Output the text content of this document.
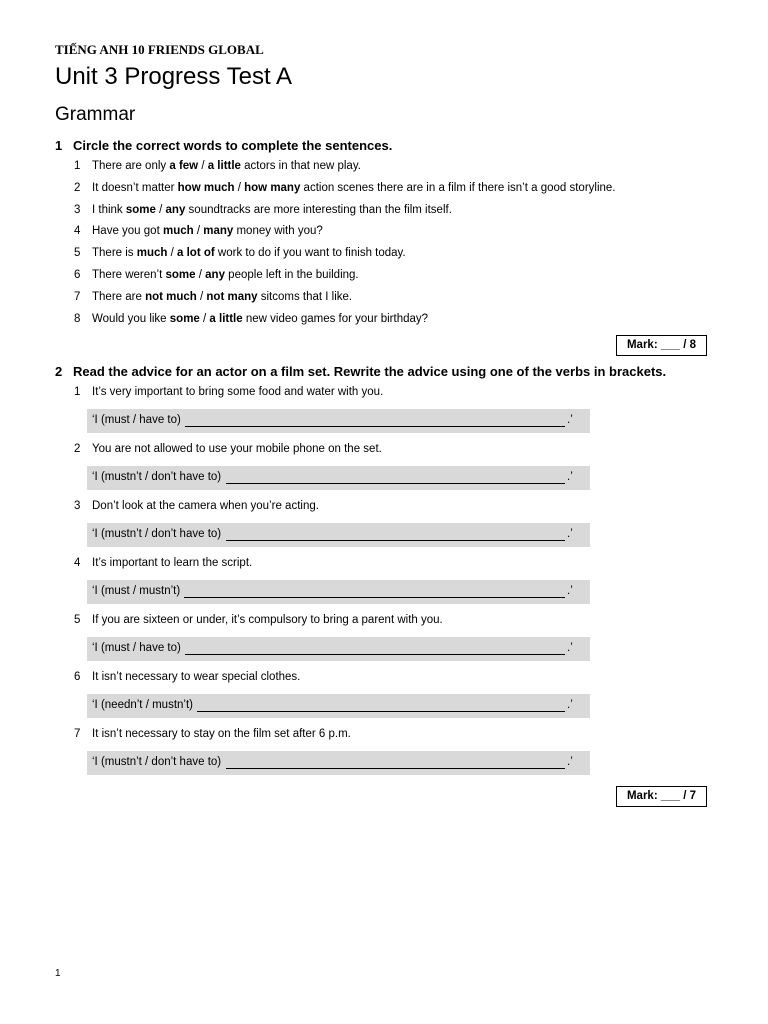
TIẾNG ANH 10 FRIENDS GLOBAL
Unit 3 Progress Test A
Grammar
1 Circle the correct words to complete the sentences.
1 There are only a few / a little actors in that new play.
2 It doesn’t matter how much / how many action scenes there are in a film if there isn’t a good storyline.
3 I think some / any soundtracks are more interesting than the film itself.
4 Have you got much / many money with you?
5 There is much / a lot of work to do if you want to finish today.
6 There weren’t some / any people left in the building.
7 There are not much / not many sitcoms that I like.
8 Would you like some / a little new video games for your birthday?
Mark: ___ / 8
2 Read the advice for an actor on a film set. Rewrite the advice using one of the verbs in brackets.
1 It’s very important to bring some food and water with you.
‘I (must / have to)	.’
2 You are not allowed to use your mobile phone on the set.
‘I (mustn’t / don’t have to)	.’
3 Don’t look at the camera when you’re acting.
‘I (mustn’t / don’t have to)	.’
4 It’s important to learn the script.
‘I (must / mustn’t)	.’
5 If you are sixteen or under, it’s compulsory to bring a parent with you.
‘I (must / have to)	.’
6 It isn’t necessary to wear special clothes.
‘I (needn’t / mustn’t)	.’
7 It isn’t necessary to stay on the film set after 6 p.m.
‘I (mustn’t / don’t have to)	.’
Mark: ___ / 7
1
